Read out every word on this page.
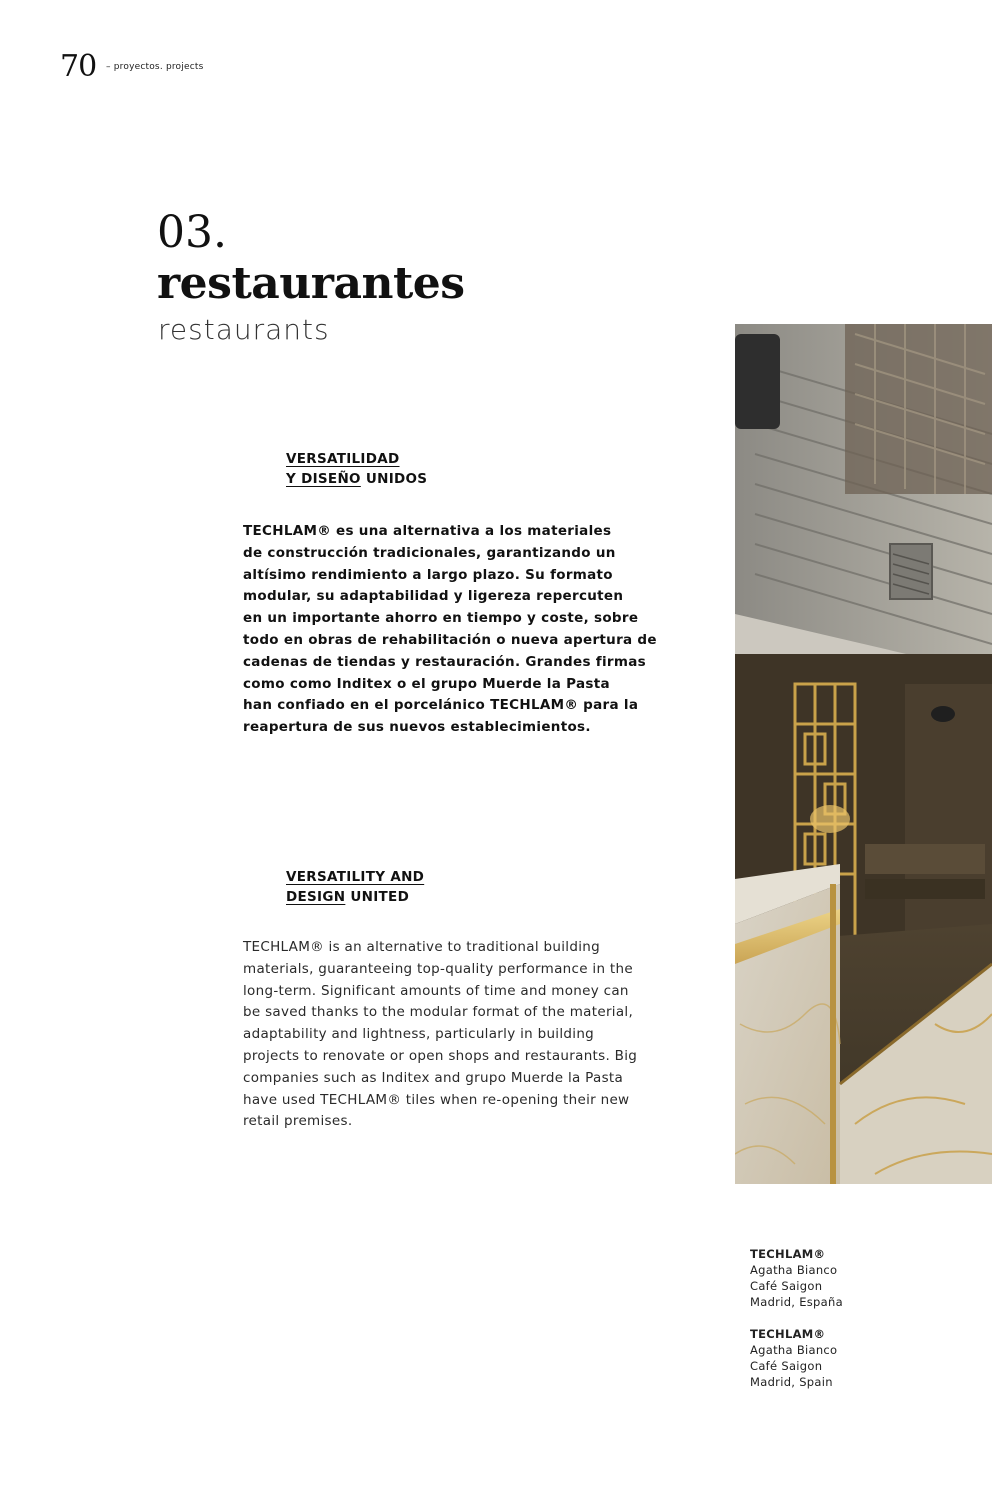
70 – proyectos. projects
03.
restaurantes
restaurants
VERSATILIDAD
Y DISEÑO UNIDOS
TECHLAM® es una alternativa a los materiales
de construcción tradicionales, garantizando un
altísimo rendimiento a largo plazo. Su formato
modular, su adaptabilidad y ligereza repercuten
en un importante ahorro en tiempo y coste, sobre
todo en obras de rehabilitación o nueva apertura de
cadenas de tiendas y restauración. Grandes firmas
como como Inditex o el grupo Muerde la Pasta
han confiado en el porcelánico TECHLAM® para la
reapertura de sus nuevos establecimientos.
VERSATILITY AND
DESIGN UNITED
TECHLAM® is an alternative to traditional building
materials, guaranteeing top-quality performance in the
long-term. Significant amounts of time and money can
be saved thanks to the modular format of the material,
adaptability and lightness, particularly in building
projects to renovate or open shops and restaurants. Big
companies such as Inditex and grupo Muerde la Pasta
have used TECHLAM® tiles when re-opening their new
retail premises.
TECHLAM®
Agatha Bianco
Café Saigon
Madrid, España
TECHLAM®
Agatha Bianco
Café Saigon
Madrid, Spain
